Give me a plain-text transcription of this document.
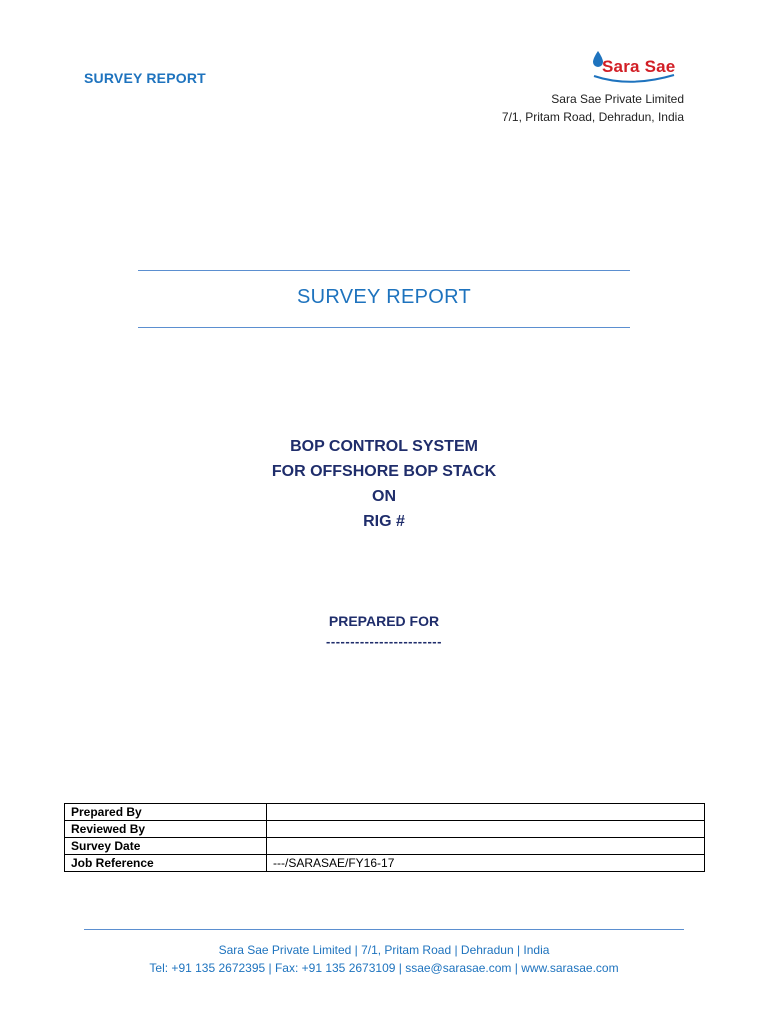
SURVEY REPORT
Sara Sae
Sara Sae Private Limited
7/1, Pritam Road, Dehradun, India
SURVEY REPORT
BOP CONTROL SYSTEM
FOR OFFSHORE BOP STACK
ON
RIG #
PREPARED FOR
------------------------
Prepared By	
Reviewed By	
Survey Date	
Job Reference	---/SARASAE/FY16-17
Sara Sae Private Limited | 7/1, Pritam Road | Dehradun | India
Tel: +91 135 2672395 | Fax: +91 135 2673109 | ssae@sarasae.com | www.sarasae.com
